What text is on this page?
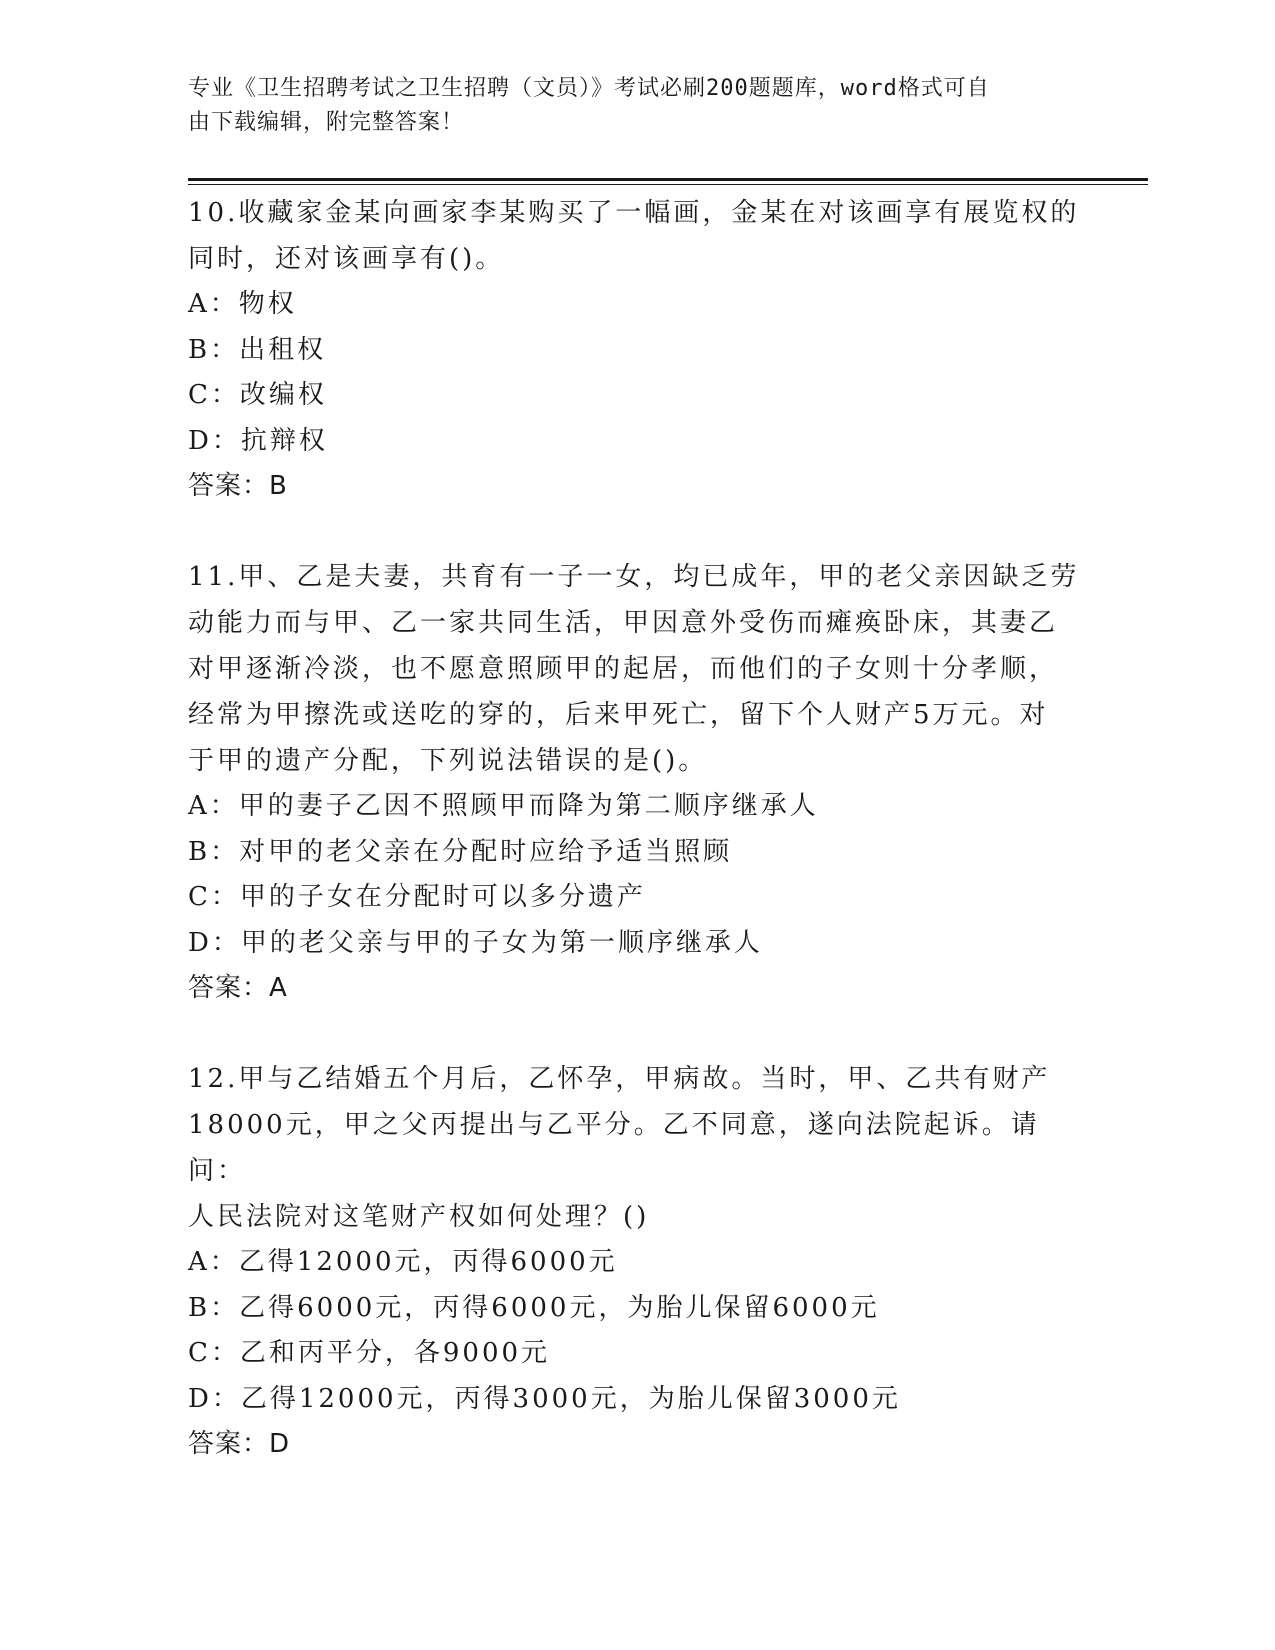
专业《卫生招聘考试之卫生招聘（文员）》考试必刷200题题库，word格式可自
由下载编辑，附完整答案！
10.收藏家金某向画家李某购买了一幅画，金某在对该画享有展览权的
同时，还对该画享有()。
A：物权
B：出租权
C：改编权
D：抗辩权
答案：B
11.甲、乙是夫妻，共育有一子一女，均已成年，甲的老父亲因缺乏劳
动能力而与甲、乙一家共同生活，甲因意外受伤而瘫痪卧床，其妻乙
对甲逐渐冷淡，也不愿意照顾甲的起居，而他们的子女则十分孝顺，
经常为甲擦洗或送吃的穿的，后来甲死亡，留下个人财产5万元。对
于甲的遗产分配，下列说法错误的是()。
A：甲的妻子乙因不照顾甲而降为第二顺序继承人
B：对甲的老父亲在分配时应给予适当照顾
C：甲的子女在分配时可以多分遗产
D：甲的老父亲与甲的子女为第一顺序继承人
答案：A
12.甲与乙结婚五个月后，乙怀孕，甲病故。当时，甲、乙共有财产
18000元，甲之父丙提出与乙平分。乙不同意，遂向法院起诉。请问：
人民法院对这笔财产权如何处理？()
A：乙得12000元，丙得6000元
B：乙得6000元，丙得6000元，为胎儿保留6000元
C：乙和丙平分，各9000元
D：乙得12000元，丙得3000元，为胎儿保留3000元
答案：D
